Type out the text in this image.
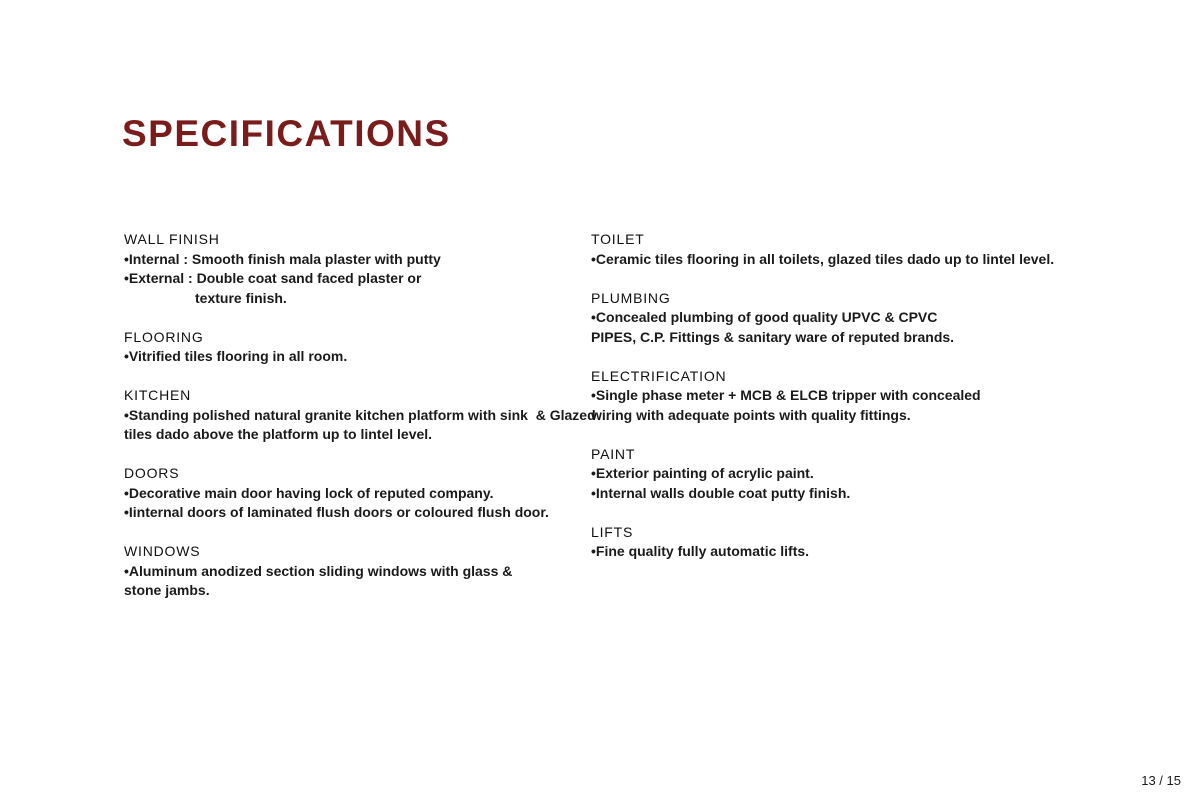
SPECIFICATIONS

WALL FINISH

•Internal : Smooth finish mala plaster with putty

•External : Double coat sand faced plaster or

texture finish.

FLOORING

•Vitrified tiles flooring in all room.

KITCHEN

•Standing polished natural granite kitchen platform with sink  & Glazed

tiles dado above the platform up to lintel level.

DOORS

•Decorative main door having lock of reputed company.

•Iinternal doors of laminated flush doors or coloured flush door.

WINDOWS

•Aluminum anodized section sliding windows with glass &

stone jambs.

TOILET

•Ceramic tiles flooring in all toilets, glazed tiles dado up to lintel level.

PLUMBING

•Concealed plumbing of good quality UPVC & CPVC

PIPES, C.P. Fittings & sanitary ware of reputed brands.

ELECTRIFICATION

•Single phase meter + MCB & ELCB tripper with concealed

wiring with adequate points with quality fittings.

PAINT

•Exterior painting of acrylic paint.

•Internal walls double coat putty finish.

LIFTS

•Fine quality fully automatic lifts.

13 / 15
